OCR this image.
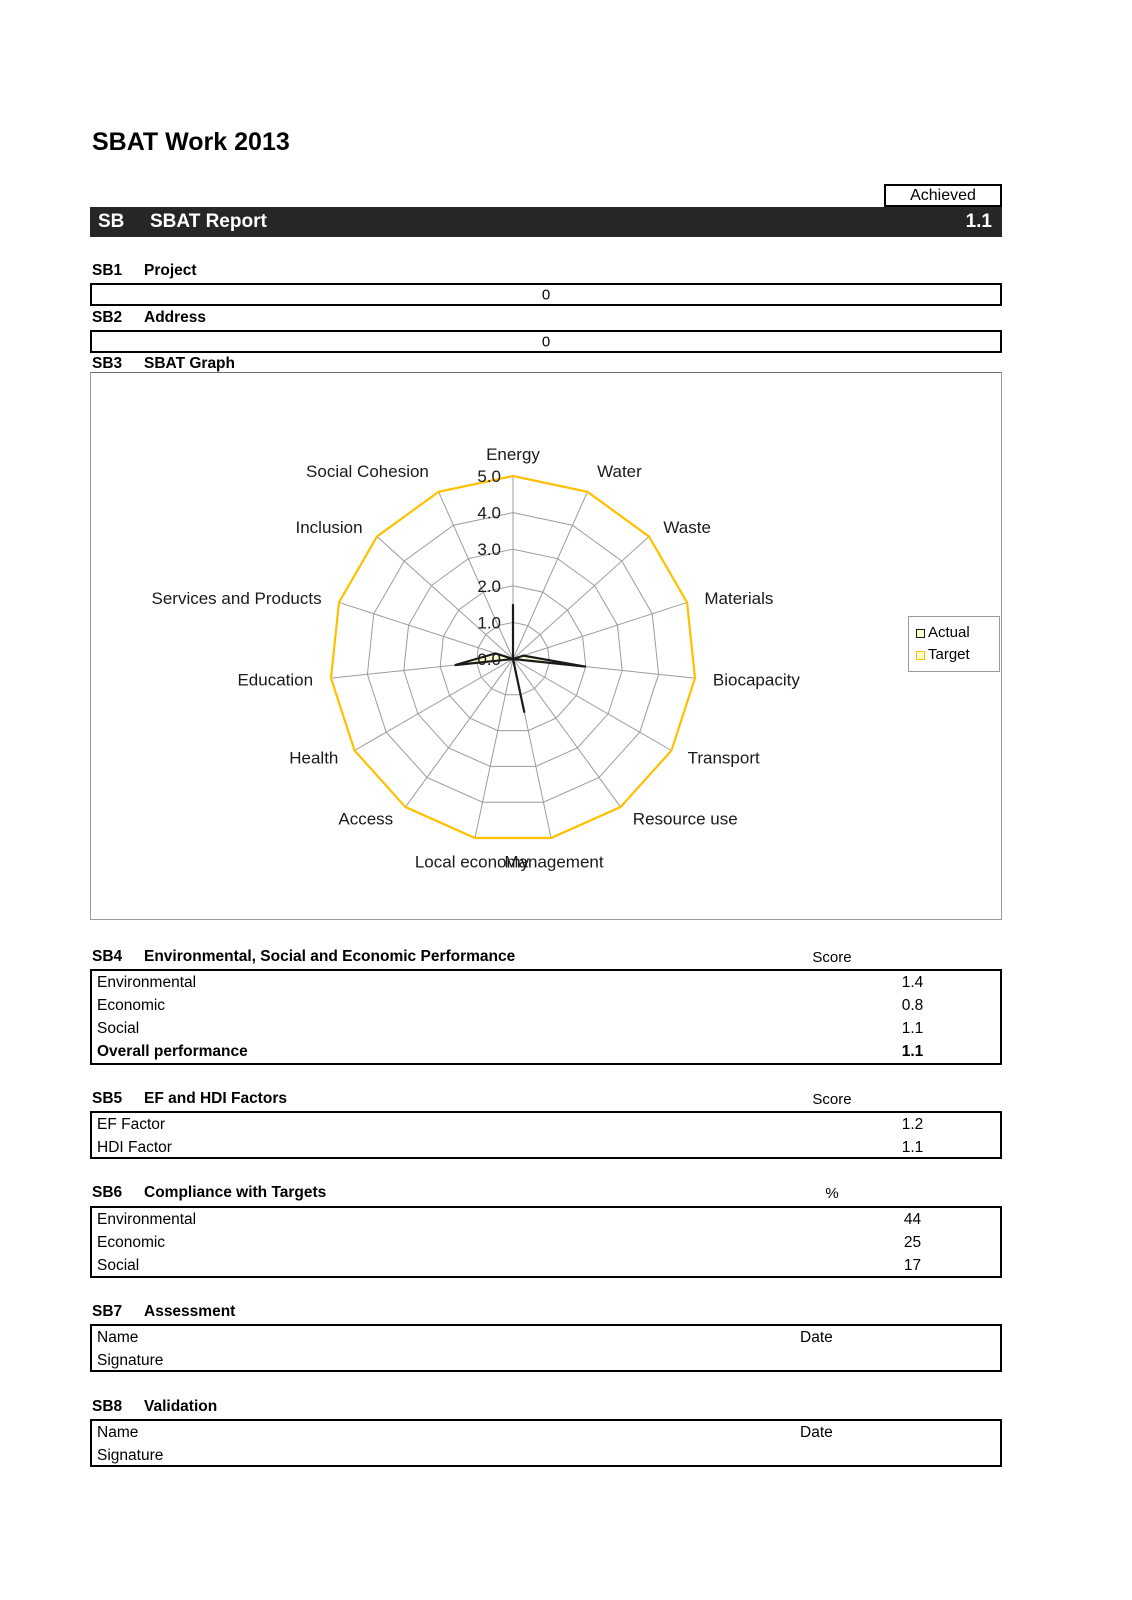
SBAT Work 2013
Achieved
SB	SBAT Report	1.1
SB1 Project
0
SB2 Address
0
SB3 SBAT Graph
0.0
1.0
2.0
3.0
4.0
5.0
Energy
Water
Waste
Materials
Biocapacity
Transport
Resource use
Management
Local economy
Access
Health
Education
Services and Products
Inclusion
Social Cohesion
Actual
Target
SB4 Environmental, Social and Economic Performance	Score
Environmental	1.4
Economic	0.8
Social	1.1
Overall performance	1.1
SB5 EF and HDI Factors	Score
EF Factor	1.2
HDI Factor	1.1
SB6 Compliance with Targets	%
Environmental	44
Economic	25
Social	17
SB7 Assessment
Name	Date
Signature
SB8 Validation
Name	Date
Signature
